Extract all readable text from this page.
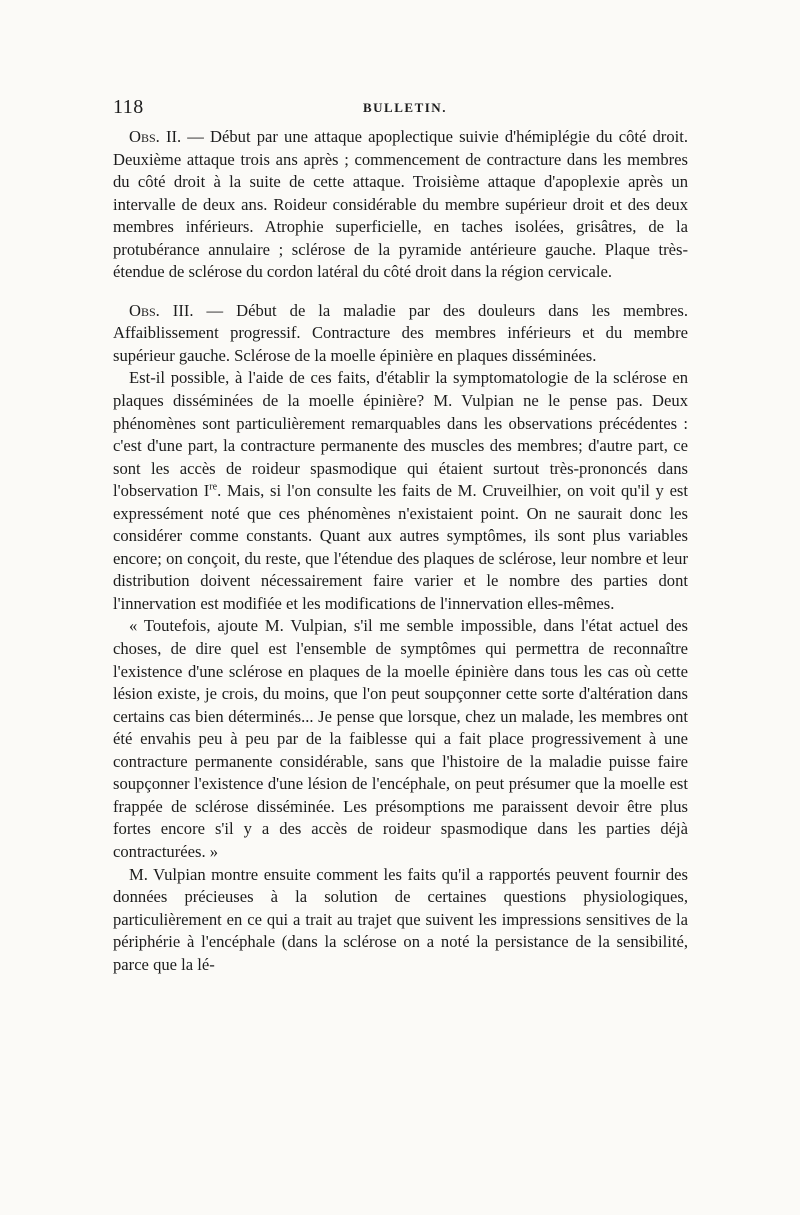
118	BULLETIN.

Obs. II. — Début par une attaque apoplectique suivie d'hémiplégie du côté droit. Deuxième attaque trois ans après ; commencement de contracture dans les membres du côté droit à la suite de cette attaque. Troisième attaque d'apoplexie après un intervalle de deux ans. Roideur considérable du membre supérieur droit et des deux membres inférieurs. Atrophie superficielle, en taches isolées, grisâtres, de la protubérance annulaire ; sclérose de la pyramide antérieure gauche. Plaque très-étendue de sclérose du cordon latéral du côté droit dans la région cervicale.

Obs. III. — Début de la maladie par des douleurs dans les membres. Affaiblissement progressif. Contracture des membres inférieurs et du membre supérieur gauche. Sclérose de la moelle épinière en plaques disséminées.

Est-il possible, à l'aide de ces faits, d'établir la symptomatologie de la sclérose en plaques disséminées de la moelle épinière? M. Vulpian ne le pense pas. Deux phénomènes sont particulièrement remarquables dans les observations précédentes : c'est d'une part, la contracture permanente des muscles des membres; d'autre part, ce sont les accès de roideur spasmodique qui étaient surtout très-prononcés dans l'observation Ire. Mais, si l'on consulte les faits de M. Cruveilhier, on voit qu'il y est expressément noté que ces phénomènes n'existaient point. On ne saurait donc les considérer comme constants. Quant aux autres symptômes, ils sont plus variables encore; on conçoit, du reste, que l'étendue des plaques de sclérose, leur nombre et leur distribution doivent nécessairement faire varier et le nombre des parties dont l'innervation est modifiée et les modifications de l'innervation elles-mêmes.

« Toutefois, ajoute M. Vulpian, s'il me semble impossible, dans l'état actuel des choses, de dire quel est l'ensemble de symptômes qui permettra de reconnaître l'existence d'une sclérose en plaques de la moelle épinière dans tous les cas où cette lésion existe, je crois, du moins, que l'on peut soupçonner cette sorte d'altération dans certains cas bien déterminés... Je pense que lorsque, chez un malade, les membres ont été envahis peu à peu par de la faiblesse qui a fait place progressivement à une contracture permanente considérable, sans que l'histoire de la maladie puisse faire soupçonner l'existence d'une lésion de l'encéphale, on peut présumer que la moelle est frappée de sclérose disséminée. Les présomptions me paraissent devoir être plus fortes encore s'il y a des accès de roideur spasmodique dans les parties déjà contracturées. »

M. Vulpian montre ensuite comment les faits qu'il a rapportés peuvent fournir des données précieuses à la solution de certaines questions physiologiques, particulièrement en ce qui a trait au trajet que suivent les impressions sensitives de la périphérie à l'encéphale (dans la sclérose on a noté la persistance de la sensibilité, parce que la lé-
